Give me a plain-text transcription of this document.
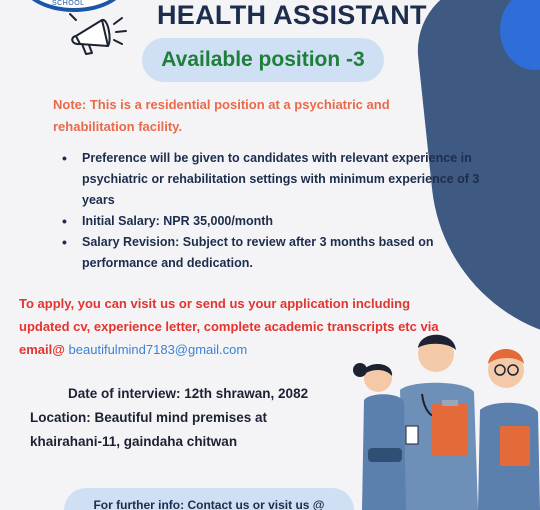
SCHOOL	HEALTH ASSISTANT
Available position -3
Note: This is a residential position at a psychiatric and rehabilitation facility.
• Preference will be given to candidates with relevant experience in psychiatric or rehabilitation settings with minimum experience of 3 years
• Initial Salary: NPR 35,000/month
• Salary Revision: Subject to review after 3 months based on performance and dedication.
To apply, you can visit us or send us your application including updated cv, experience letter, complete academic transcripts etc via email@ beautifulmind7183@gmail.com
Date of interview: 12th shrawan, 2082
Location: Beautiful mind premises at
khairahani-11, gaindaha chitwan
For further info: Contact us or visit us @
